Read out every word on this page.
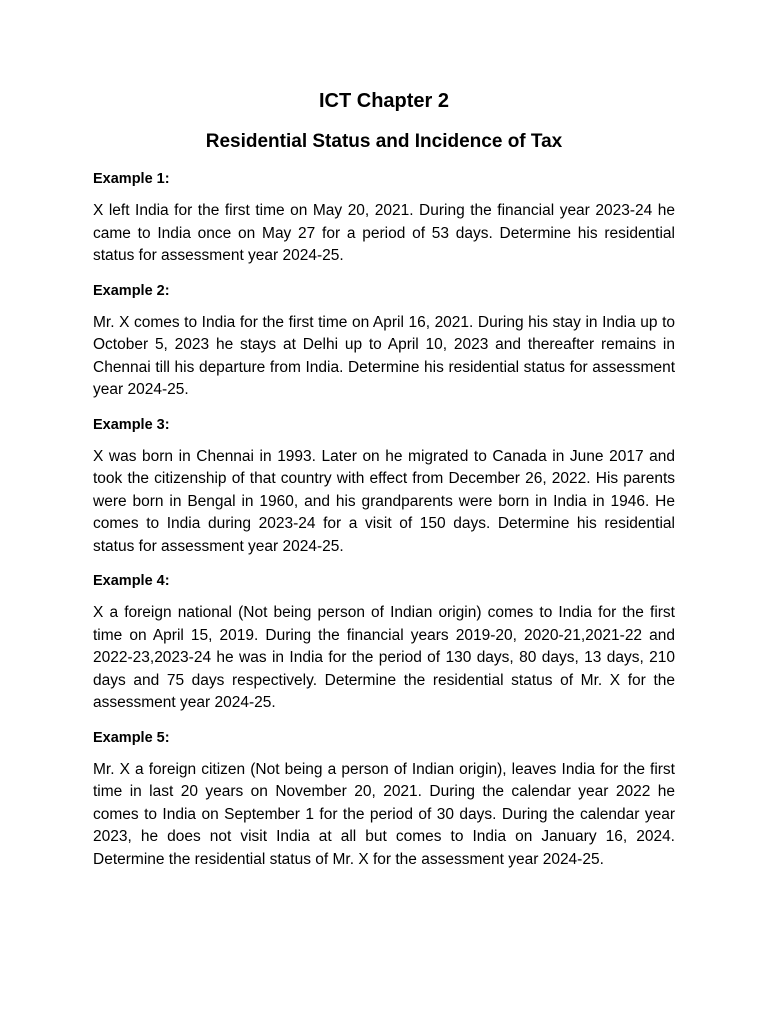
ICT Chapter 2
Residential Status and Incidence of Tax

Example 1:

X left India for the first time on May 20, 2021. During the financial year 2023-24 he came to India once on May 27 for a period of 53 days. Determine his residential status for assessment year 2024-25.

Example 2:

Mr. X comes to India for the first time on April 16, 2021. During his stay in India up to October 5, 2023 he stays at Delhi up to April 10, 2023 and thereafter remains in Chennai till his departure from India. Determine his residential status for assessment year 2024-25.

Example 3:

X was born in Chennai in 1993. Later on he migrated to Canada in June 2017 and took the citizenship of that country with effect from December 26, 2022. His parents were born in Bengal in 1960, and his grandparents were born in India in 1946. He comes to India during 2023-24 for a visit of 150 days. Determine his residential status for assessment year 2024-25.

Example 4:

X a foreign national (Not being person of Indian origin) comes to India for the first time on April 15, 2019. During the financial years 2019-20, 2020-21,2021-22 and 2022-23,2023-24 he was in India for the period of 130 days, 80 days, 13 days, 210 days and 75 days respectively. Determine the residential status of Mr. X for the assessment year 2024-25.

Example 5:

Mr. X a foreign citizen (Not being a person of Indian origin), leaves India for the first time in last 20 years on November 20, 2021. During the calendar year 2022 he comes to India on September 1 for the period of 30 days. During the calendar year 2023, he does not visit India at all but comes to India on January 16, 2024. Determine the residential status of Mr. X for the assessment year 2024-25.
